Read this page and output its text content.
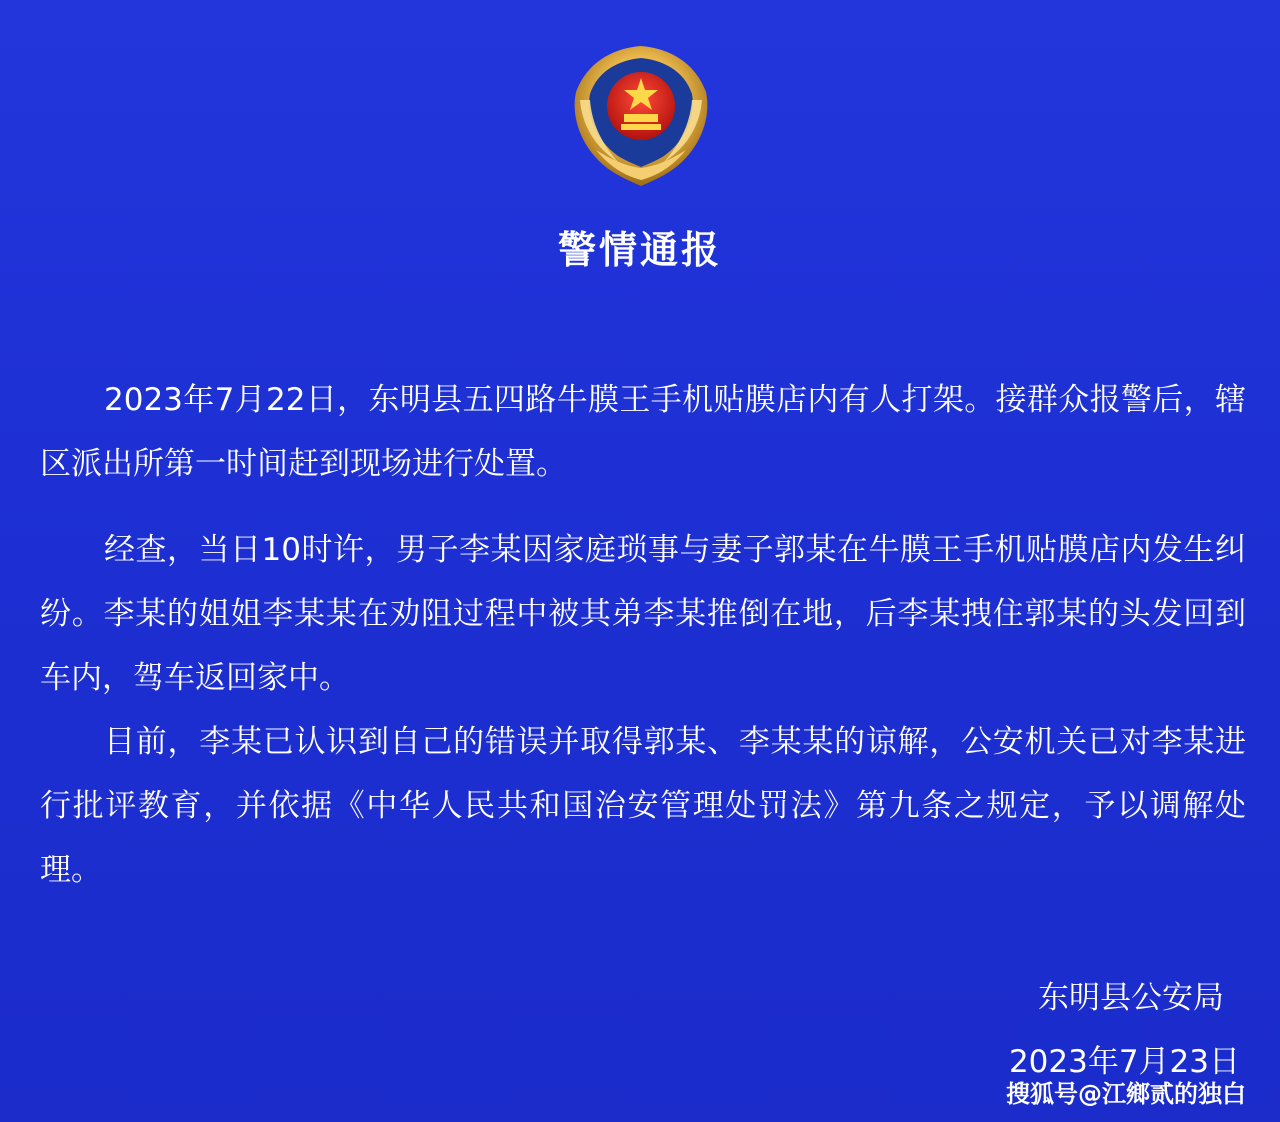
警情通报

2023年7月22日，东明县五四路牛膜王手机贴膜店内有人打架。接群众报警后，辖区派出所第一时间赶到现场进行处置。

经查，当日10时许，男子李某因家庭琐事与妻子郭某在牛膜王手机贴膜店内发生纠纷。李某的姐姐李某某在劝阻过程中被其弟李某推倒在地，后李某拽住郭某的头发回到车内，驾车返回家中。

目前，李某已认识到自己的错误并取得郭某、李某某的谅解，公安机关已对李某进行批评教育，并依据《中华人民共和国治安管理处罚法》第九条之规定，予以调解处理。

东明县公安局
2023年7月23日
搜狐号@江鄉贰的独白
